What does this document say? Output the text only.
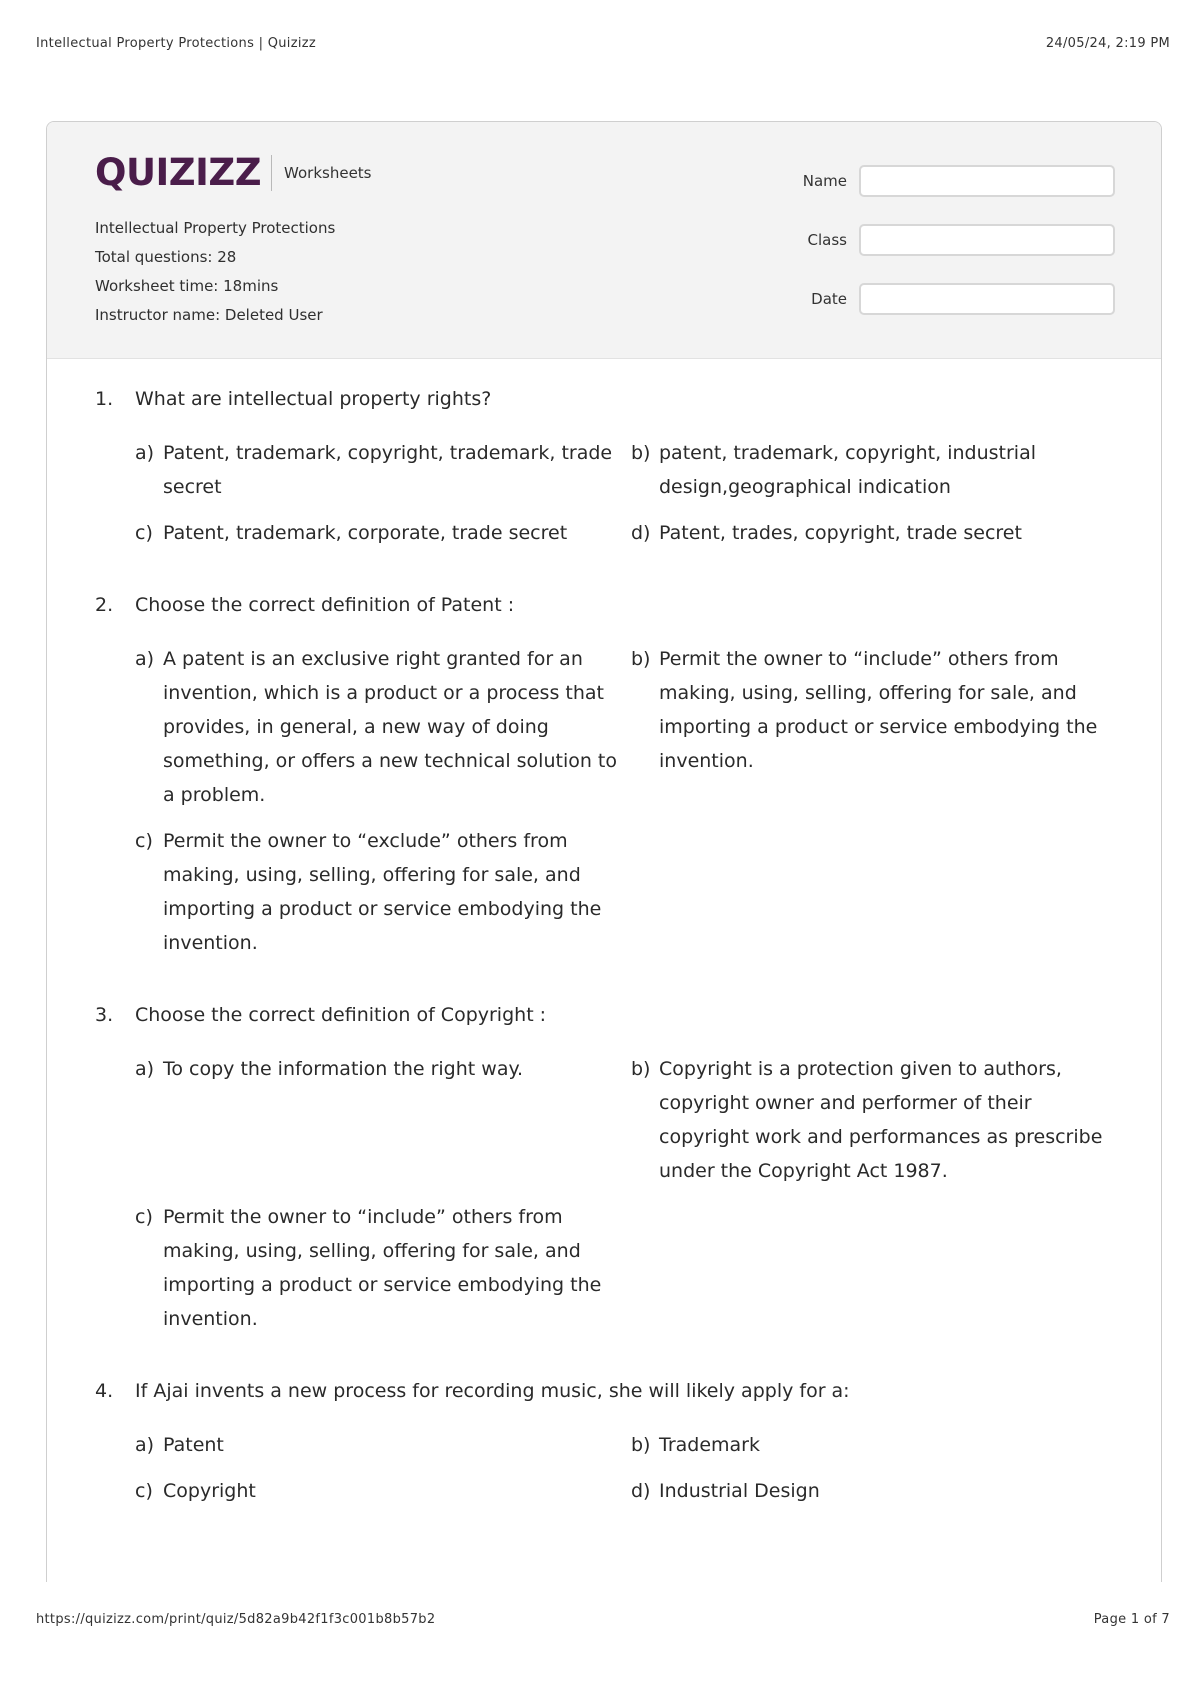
Intellectual Property Protections | Quizizz	24/05/24, 2:19 PM
QUIZIZZ Worksheets
Intellectual Property Protections
Total questions: 28
Worksheet time: 18mins
Instructor name: Deleted User
Name
Class
Date
1.	What are intellectual property rights?
a) Patent, trademark, copyright, trademark, trade secret
b) patent, trademark, copyright, industrial design,geographical indication
c) Patent, trademark, corporate, trade secret	d) Patent, trades, copyright, trade secret
2.	Choose the correct definition of Patent :
a) A patent is an exclusive right granted for an invention, which is a product or a process that provides, in general, a new way of doing something, or offers a new technical solution to a problem.
b) Permit the owner to “include” others from making, using, selling, offering for sale, and importing a product or service embodying the invention.
c) Permit the owner to “exclude” others from making, using, selling, offering for sale, and importing a product or service embodying the invention.
3.	Choose the correct definition of Copyright :
a) To copy the information the right way.	b) Copyright is a protection given to authors, copyright owner and performer of their copyright work and performances as prescribe under the Copyright Act 1987.
c) Permit the owner to “include” others from making, using, selling, offering for sale, and importing a product or service embodying the invention.
4.	If Ajai invents a new process for recording music, she will likely apply for a:
a) Patent	b) Trademark
c) Copyright	d) Industrial Design
https://quizizz.com/print/quiz/5d82a9b42f1f3c001b8b57b2	Page 1 of 7
